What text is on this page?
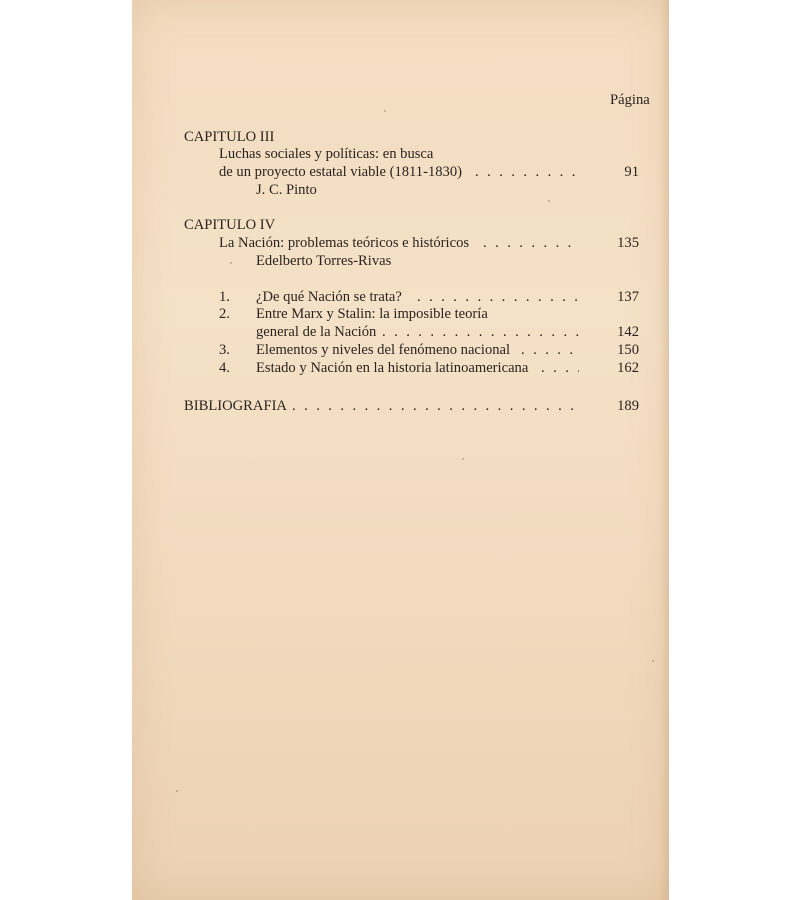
Página
CAPITULO III
Luchas sociales y políticas: en busca
de un proyecto estatal viable (1811-1830) . . .	91
J. C. Pinto
CAPITULO IV
La Nación: problemas teóricos e históricos . . .	135
Edelberto Torres-Rivas
1. ¿De qué Nación se trata? . . .	137
2. Entre Marx y Stalin: la imposible teoría
general de la Nación . . .	142
3. Elementos y niveles del fenómeno nacional . . .	150
4. Estado y Nación en la historia latinoamericana . . .	162
BIBLIOGRAFIA . . .	189
